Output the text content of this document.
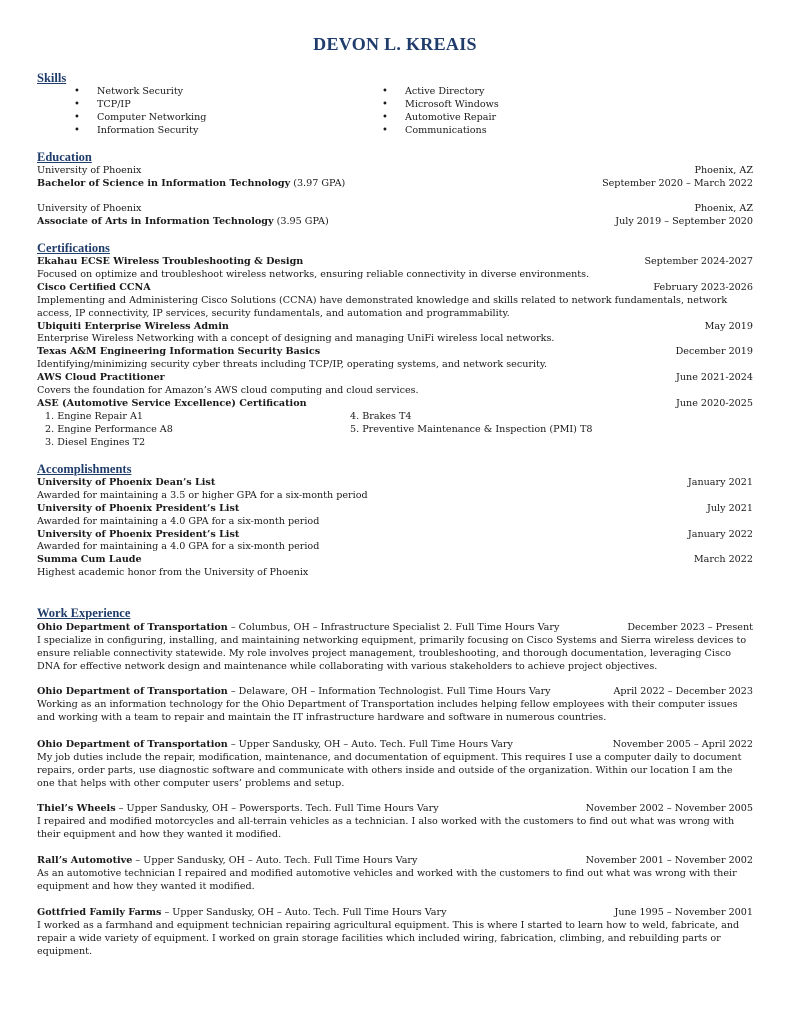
DEVON L. KREAIS
Skills
• Network Security
• TCP/IP
• Computer Networking
• Information Security
• Active Directory
• Microsoft Windows
• Automotive Repair
• Communications
Education
University of Phoenix	Phoenix, AZ
Bachelor of Science in Information Technology (3.97 GPA)	September 2020 – March 2022
University of Phoenix	Phoenix, AZ
Associate of Arts in Information Technology (3.95 GPA)	July 2019 – September 2020
Certifications
Ekahau ECSE Wireless Troubleshooting & Design	September 2024-2027
Focused on optimize and troubleshoot wireless networks, ensuring reliable connectivity in diverse environments.
Cisco Certified CCNA	February 2023-2026
Implementing and Administering Cisco Solutions (CCNA) have demonstrated knowledge and skills related to network fundamentals, network access, IP connectivity, IP services, security fundamentals, and automation and programmability.
Ubiquiti Enterprise Wireless Admin	May 2019
Enterprise Wireless Networking with a concept of designing and managing UniFi wireless local networks.
Texas A&M Engineering Information Security Basics	December 2019
Identifying/minimizing security cyber threats including TCP/IP, operating systems, and network security.
AWS Cloud Practitioner	June 2021-2024
Covers the foundation for Amazon’s AWS cloud computing and cloud services.
ASE (Automotive Service Excellence) Certification	June 2020-2025
1. Engine Repair A1
2. Engine Performance A8
3. Diesel Engines T2
4. Brakes T4
5. Preventive Maintenance & Inspection (PMI) T8
Accomplishments
University of Phoenix Dean’s List	January 2021
Awarded for maintaining a 3.5 or higher GPA for a six-month period
University of Phoenix President’s List	July 2021
Awarded for maintaining a 4.0 GPA for a six-month period
University of Phoenix President’s List	January 2022
Awarded for maintaining a 4.0 GPA for a six-month period
Summa Cum Laude	March 2022
Highest academic honor from the University of Phoenix
Work Experience
Ohio Department of Transportation – Columbus, OH – Infrastructure Specialist 2. Full Time Hours Vary	December 2023 – Present
I specialize in configuring, installing, and maintaining networking equipment, primarily focusing on Cisco Systems and Sierra wireless devices to ensure reliable connectivity statewide. My role involves project management, troubleshooting, and thorough documentation, leveraging Cisco DNA for effective network design and maintenance while collaborating with various stakeholders to achieve project objectives.
Ohio Department of Transportation – Delaware, OH – Information Technologist. Full Time Hours Vary	April 2022 – December 2023
Working as an information technology for the Ohio Department of Transportation includes helping fellow employees with their computer issues and working with a team to repair and maintain the IT infrastructure hardware and software in numerous countries.
Ohio Department of Transportation – Upper Sandusky, OH – Auto. Tech. Full Time Hours Vary	November 2005 – April 2022
My job duties include the repair, modification, maintenance, and documentation of equipment. This requires I use a computer daily to document repairs, order parts, use diagnostic software and communicate with others inside and outside of the organization. Within our location I am the one that helps with other computer users’ problems and setup.
Thiel’s Wheels – Upper Sandusky, OH – Powersports. Tech. Full Time Hours Vary	November 2002 – November 2005
I repaired and modified motorcycles and all-terrain vehicles as a technician. I also worked with the customers to find out what was wrong with their equipment and how they wanted it modified.
Rall’s Automotive – Upper Sandusky, OH – Auto. Tech. Full Time Hours Vary	November 2001 – November 2002
As an automotive technician I repaired and modified automotive vehicles and worked with the customers to find out what was wrong with their equipment and how they wanted it modified.
Gottfried Family Farms – Upper Sandusky, OH – Auto. Tech. Full Time Hours Vary	June 1995 – November 2001
I worked as a farmhand and equipment technician repairing agricultural equipment. This is where I started to learn how to weld, fabricate, and repair a wide variety of equipment. I worked on grain storage facilities which included wiring, fabrication, climbing, and rebuilding parts or equipment.
